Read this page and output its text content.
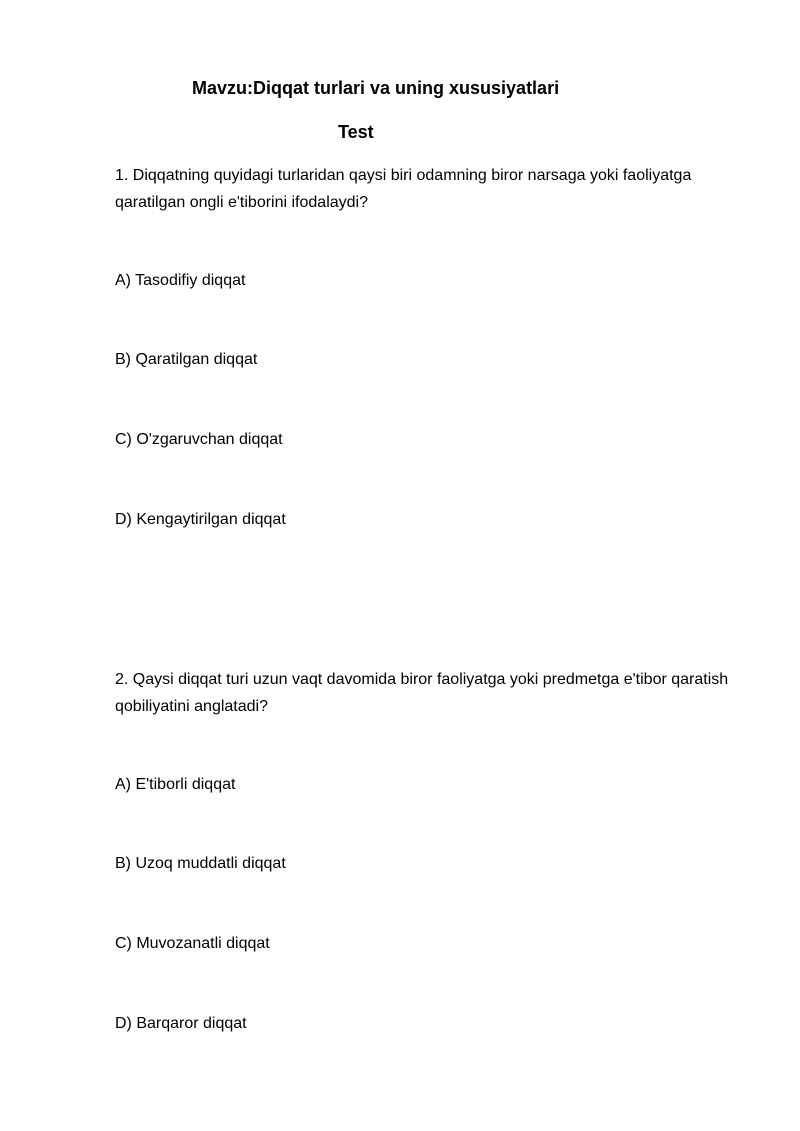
Mavzu:Diqqat turlari va uning xususiyatlari
Test
1. Diqqatning quyidagi turlaridan qaysi biri odamning biror narsaga yoki faoliyatga qaratilgan ongli e'tiborini ifodalaydi?
A) Tasodifiy diqqat
B) Qaratilgan diqqat
C) O'zgaruvchan diqqat
D) Kengaytirilgan diqqat
2. Qaysi diqqat turi uzun vaqt davomida biror faoliyatga yoki predmetga e'tibor qaratish qobiliyatini anglatadi?
A) E'tiborli diqqat
B) Uzoq muddatli diqqat
C) Muvozanatli diqqat
D) Barqaror diqqat
